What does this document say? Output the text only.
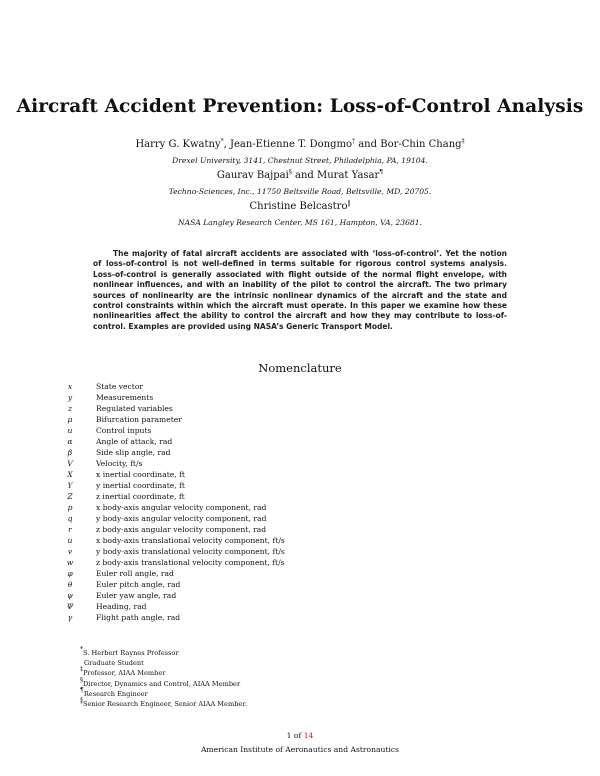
Aircraft Accident Prevention: Loss-of-Control Analysis
Harry G. Kwatny*, Jean-Etienne T. Dongmo† and Bor-Chin Chang‡
Drexel University, 3141, Chestnut Street, Philadelphia, PA, 19104.
Gaurav Bajpai§ and Murat Yasar¶
Techno-Sciences, Inc., 11750 Beltsville Road, Beltsville, MD, 20705.
Christine Belcastro‖
NASA Langley Research Center, MS 161, Hampton, VA, 23681.

The majority of fatal aircraft accidents are associated with ‘loss-of-control’. Yet the notion of loss-of-control is not well-defined in terms suitable for rigorous control systems analysis. Loss-of-control is generally associated with flight outside of the normal flight envelope, with nonlinear influences, and with an inability of the pilot to control the aircraft. The two primary sources of nonlinearity are the intrinsic nonlinear dynamics of the aircraft and the state and control constraints within which the aircraft must operate. In this paper we examine how these nonlinearities affect the ability to control the aircraft and how they may contribute to loss-of-control. Examples are provided using NASA’s Generic Transport Model.

Nomenclature
x	State vector
y	Measurements
z	Regulated variables
μ	Bifurcation parameter
u	Control inputs
α	Angle of attack, rad
β	Side slip angle, rad
V	Velocity, ft/s
X	x inertial coordinate, ft
Y	y inertial coordinate, ft
Z	z inertial coordinate, ft
p	x body-axis angular velocity component, rad
q	y body-axis angular velocity component, rad
r	z body-axis angular velocity component, rad
u	x body-axis translational velocity component, ft/s
v	y body-axis translational velocity component, ft/s
w	z body-axis translational velocity component, ft/s
φ	Euler roll angle, rad
θ	Euler pitch angle, rad
ψ	Euler yaw angle, rad
Ψ	Heading, rad
γ	Flight path angle, rad
*S. Herbert Raynes Professor
Graduate Student
‡Professor, AIAA Member
§Director, Dynamics and Control, AIAA Member
¶Research Engineer
‖Senior Research Engineer, Senior AIAA Member.
1 of 14
American Institute of Aeronautics and Astronautics
